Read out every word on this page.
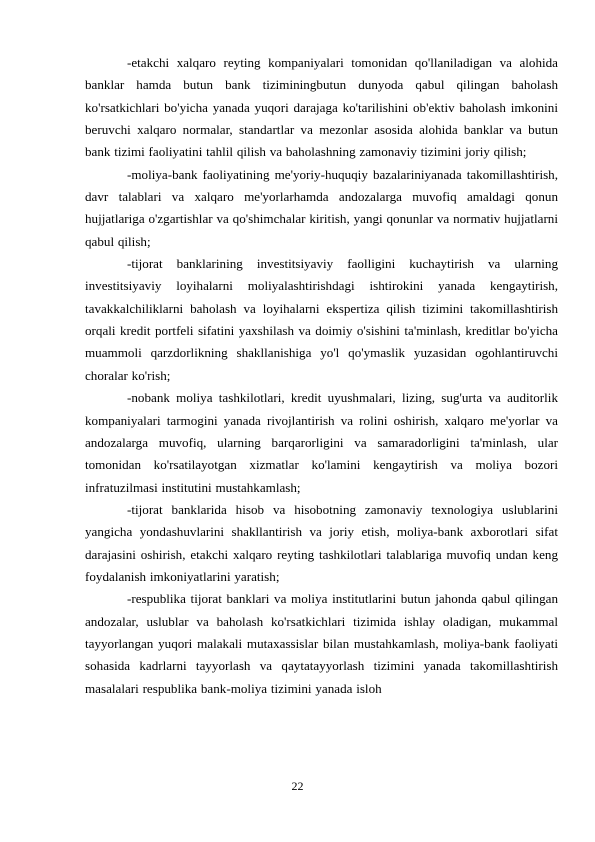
-etakchi xalqaro reyting kompaniyalari tomonidan qo'llaniladigan va alohida banklar hamda butun bank tiziminingbutun dunyoda qabul qilingan baholash ko'rsatkichlari bo'yicha yanada yuqori darajaga ko'tarilishini ob'ektiv baholash imkonini beruvchi xalqaro normalar, standartlar va mezonlar asosida alohida banklar va butun bank tizimi faoliyatini tahlil qilish va baholashning zamonaviy tizimini joriy qilish;

-moliya-bank faoliyatining me'yoriy-huquqiy bazalariniyanada takomillashtirish, davr talablari va xalqaro me'yorlarhamda andozalarga muvofiq amaldagi qonun hujjatlariga o'zgartishlar va qo'shimchalar kiritish, yangi qonunlar va normativ hujjatlarni qabul qilish;

-tijorat banklarining investitsiyaviy faolligini kuchaytirish va ularning investitsiyaviy loyihalarni moliyalashtirishdagi ishtirokini yanada kengaytirish, tavakkalchiliklarni baholash va loyihalarni ekspertiza qilish tizimini takomillashtirish orqali kredit portfeli sifatini yaxshilash va doimiy o'sishini ta'minlash, kreditlar bo'yicha muammoli qarzdorlikning shakllanishiga yo'l qo'ymaslik yuzasidan ogohlantiruvchi choralar ko'rish;

-nobank moliya tashkilotlari, kredit uyushmalari, lizing, sug'urta va auditorlik kompaniyalari tarmogini yanada rivojlantirish va rolini oshirish, xalqaro me'yorlar va andozalarga muvofiq, ularning barqarorligini va samaradorligini ta'minlash, ular tomonidan ko'rsatilayotgan xizmatlar ko'lamini kengaytirish va moliya bozori infratuzilmasi institutini mustahkamlash;

-tijorat banklarida hisob va hisobotning zamonaviy texnologiya uslublarini yangicha yondashuvlarini shakllantirish va joriy etish, moliya-bank axborotlari sifat darajasini oshirish, etakchi xalqaro reyting tashkilotlari talablariga muvofiq undan keng foydalanish imkoniyatlarini yaratish;

-respublika tijorat banklari va moliya institutlarini butun jahonda qabul qilingan andozalar, uslublar va baholash ko'rsatkichlari tizimida ishlay oladigan, mukammal tayyorlangan yuqori malakali mutaxassislar bilan mustahkamlash, moliya-bank faoliyati sohasida kadrlarni tayyorlash va qaytatayyorlash tizimini yanada takomillashtirish masalalari respublika bank-moliya tizimini yanada isloh

22
